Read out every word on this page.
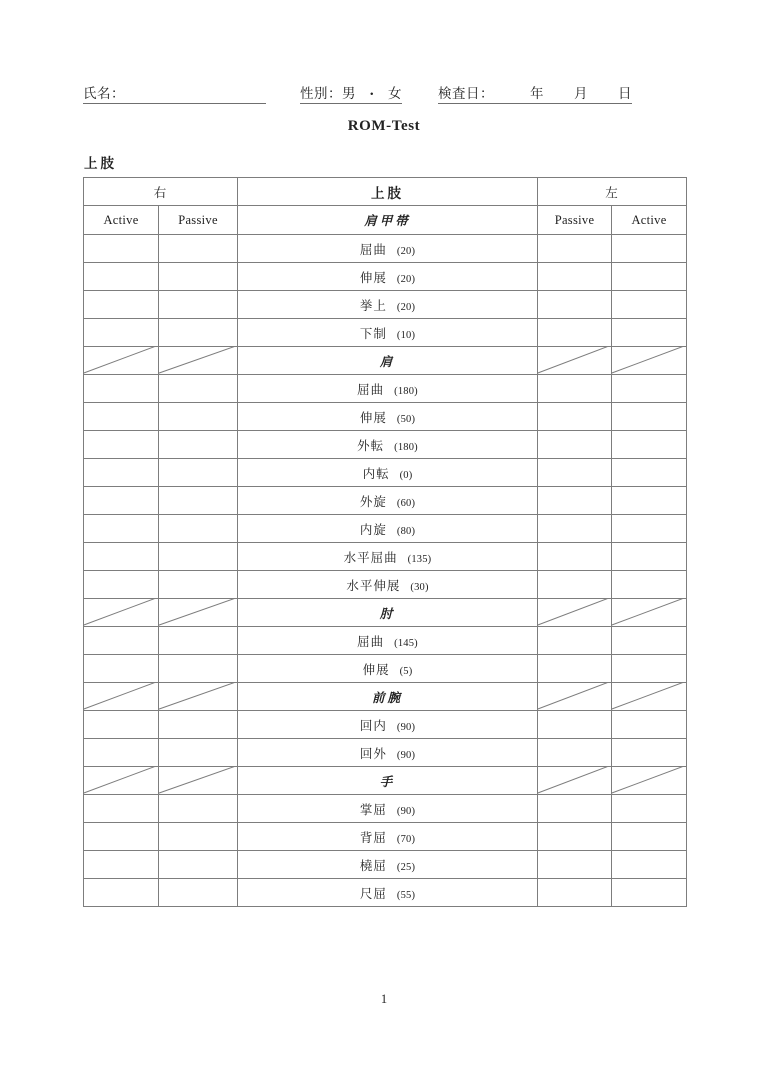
氏名：	性別： 男 ・ 女	検査日：	年	月	日
ROM-Test
上肢
右		上肢	左	
Active	Passive	肩甲帯	Passive	Active
		屈曲 (20)		
		伸展 (20)		
		挙上 (20)		
		下制 (10)		
		肩		
		屈曲 (180)		
		伸展 (50)		
		外転 (180)		
		内転 (0)		
		外旋 (60)		
		内旋 (80)		
		水平屈曲 (135)		
		水平伸展 (30)		
		肘		
		屈曲 (145)		
		伸展 (5)		
		前腕		
		回内 (90)		
		回外 (90)		
		手		
		掌屈 (90)		
		背屈 (70)		
		橈屈 (25)		
		尺屈 (55)		
1
